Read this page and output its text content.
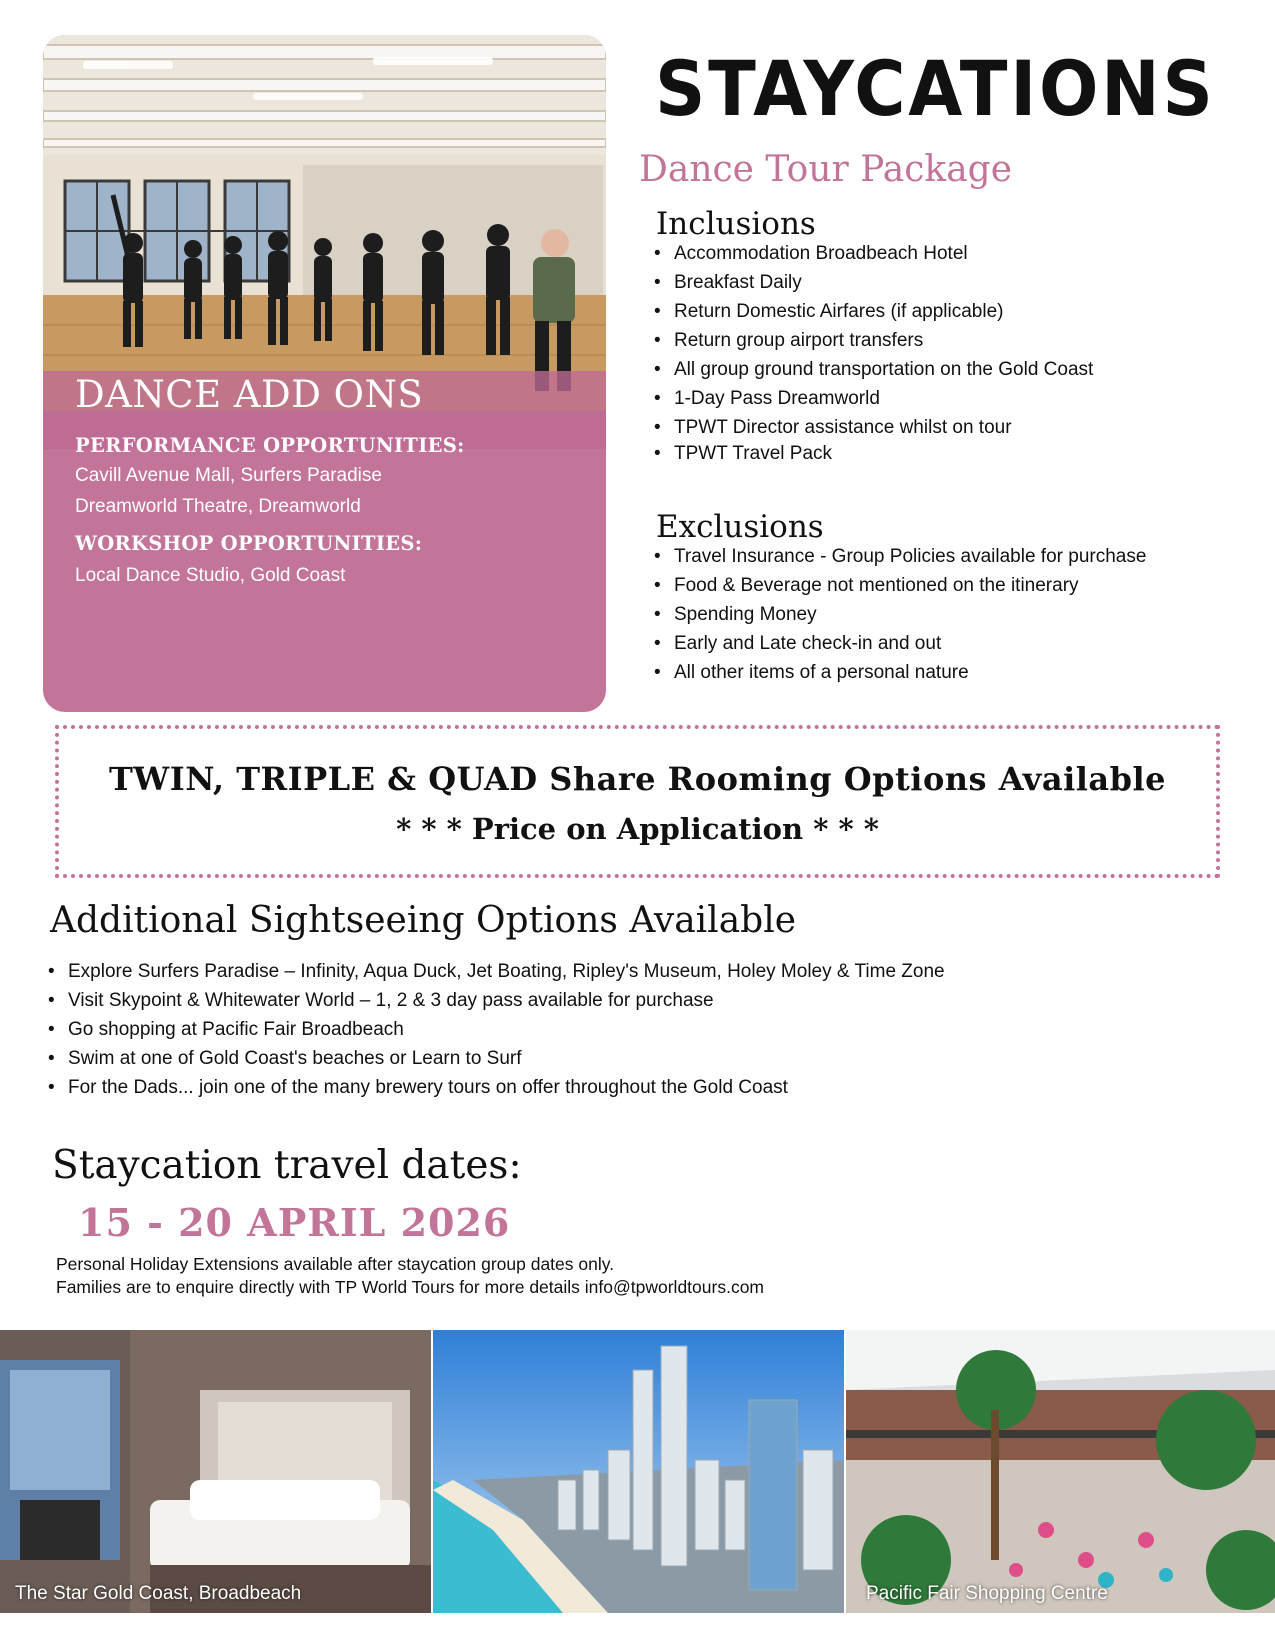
DANCE ADD ONS
PERFORMANCE OPPORTUNITIES:
Cavill Avenue Mall, Surfers Paradise
Dreamworld Theatre, Dreamworld
WORKSHOP OPPORTUNITIES:
Local Dance Studio, Gold Coast
STAYCATIONS
Dance Tour Package
Inclusions
• Accommodation Broadbeach Hotel
• Breakfast Daily
• Return Domestic Airfares (if applicable)
• Return group airport transfers
• All group ground transportation on the Gold Coast
• 1-Day Pass Dreamworld
• TPWT Director assistance whilst on tour
• TPWT Travel Pack
Exclusions
• Travel Insurance - Group Policies available for purchase
• Food & Beverage not mentioned on the itinerary
• Spending Money
• Early and Late check-in and out
• All other items of a personal nature
TWIN, TRIPLE & QUAD Share Rooming Options Available
* * * Price on Application * * *
Additional Sightseeing Options Available
• Explore Surfers Paradise – Infinity, Aqua Duck, Jet Boating, Ripley's Museum, Holey Moley & Time Zone
• Visit Skypoint & Whitewater World – 1, 2 & 3 day pass available for purchase
• Go shopping at Pacific Fair Broadbeach
• Swim at one of Gold Coast's beaches or Learn to Surf
• For the Dads... join one of the many brewery tours on offer throughout the Gold Coast
Staycation travel dates:
15 - 20 APRIL 2026
Personal Holiday Extensions available after staycation group dates only.
Families are to enquire directly with TP World Tours for more details info@tpworldtours.com
The Star Gold Coast, Broadbeach	Pacific Fair Shopping Centre
